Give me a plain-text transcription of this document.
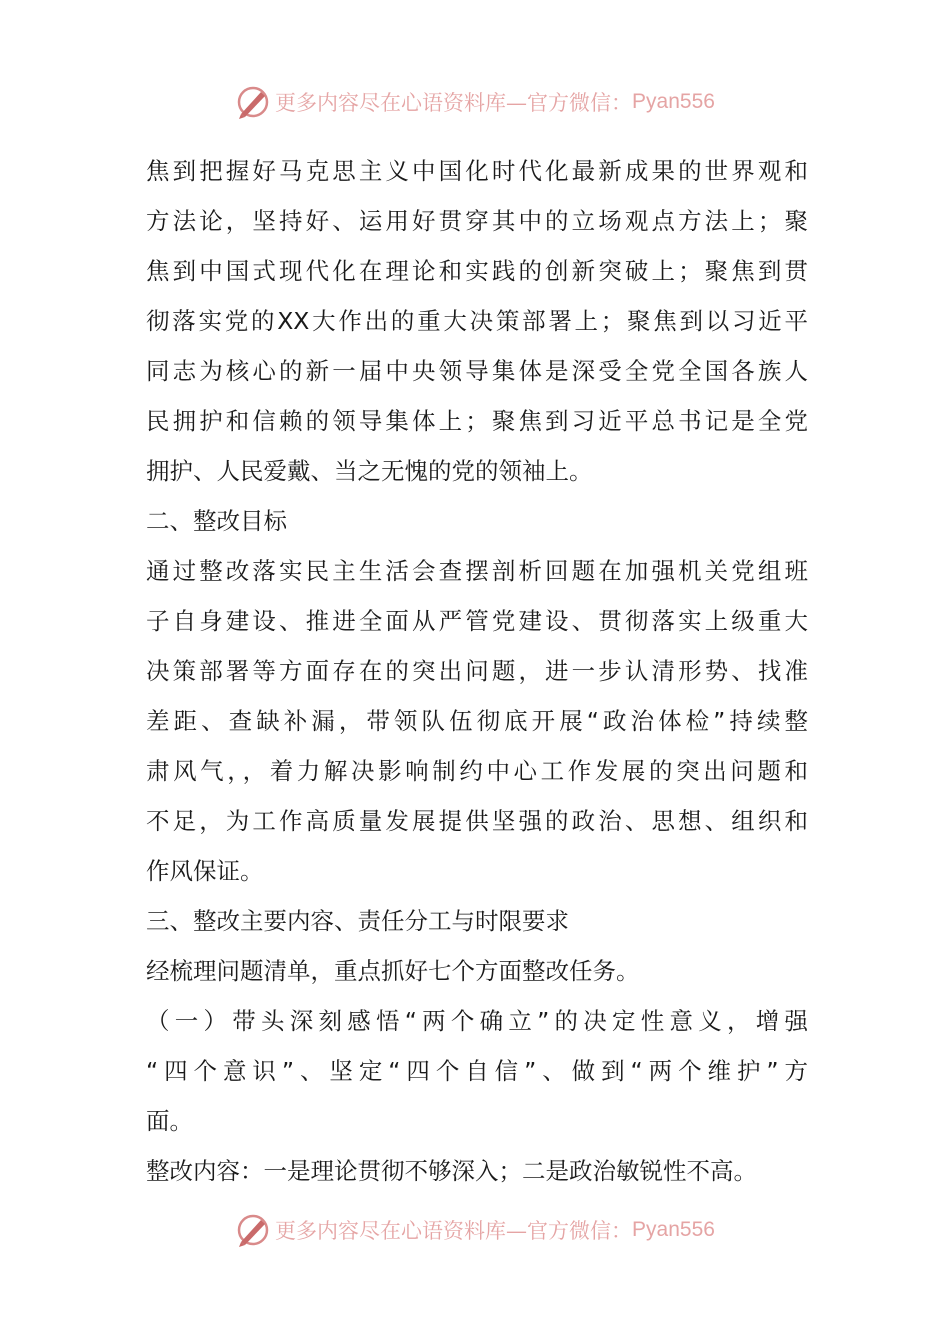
更多内容尽在心语资料库—官方微信： Pyan556
焦到把握好马克思主义中国化时代化最新成果的世界观和
方法论，坚持好、运用好贯穿其中的立场观点方法上；聚
焦到中国式现代化在理论和实践的创新突破上；聚焦到贯
彻落实党的XX大作出的重大决策部署上；聚焦到以习近平
同志为核心的新一届中央领导集体是深受全党全国各族人
民拥护和信赖的领导集体上；聚焦到习近平总书记是全党
拥护、人民爱戴、当之无愧的党的领袖上。
二、整改目标
通过整改落实民主生活会查摆剖析回题在加强机关党组班
子自身建设、推进全面从严管党建设、贯彻落实上级重大
决策部署等方面存在的突出问题，进一步认清形势、找准
差距、查缺补漏，带领队伍彻底开展“政治体检”持续整
肃风气，，着力解决影响制约中心工作发展的突出问题和
不足，为工作高质量发展提供坚强的政治、思想、组织和
作风保证。
三、整改主要内容、责任分工与时限要求
经梳理问题清单，重点抓好七个方面整改任务。
（一）带头深刻感悟“两个确立”的决定性意义，增强
“四个意识”、坚定“四个自信”、做到“两个维护”方
面。
整改内容：一是理论贯彻不够深入；二是政治敏锐性不高。
更多内容尽在心语资料库—官方微信： Pyan556
